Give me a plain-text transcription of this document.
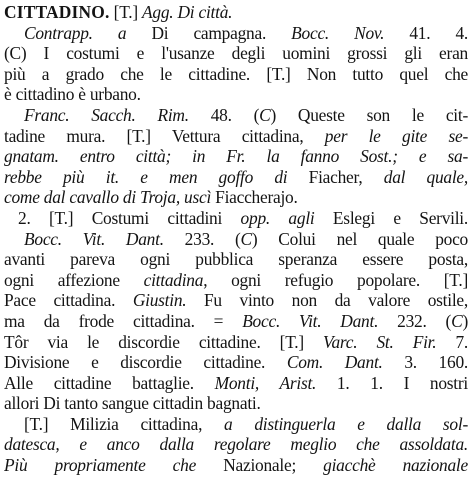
CITTADINO. [T.] Agg. Di città.
Contrapp. a Di campagna. Bocc. Nov. 41. 4.
(C) I costumi e l'usanze degli uomini grossi gli eran
più a grado che le cittadine. [T.] Non tutto quel che
è cittadino è urbano.
Franc. Sacch. Rim. 48. (C) Queste son le cit-
tadine mura. [T.] Vettura cittadina, per le gite se-
gnatam. entro città; in Fr. la fanno Sost.; e sa-
rebbe più it. e men goffo di Fiacher, dal quale,
come dal cavallo di Troja, uscì Fiaccherajo.
2. [T.] Costumi cittadini opp. agli Eslegi e Servili.
Bocc. Vit. Dant. 233. (C) Colui nel quale poco
avanti pareva ogni pubblica speranza essere posta,
ogni affezione cittadina, ogni refugio popolare. [T.]
Pace cittadina. Giustin. Fu vinto non da valore ostile,
ma da frode cittadina. = Bocc. Vit. Dant. 232. (C)
Tôr via le discordie cittadine. [T.] Varc. St. Fir. 7.
Divisione e discordie cittadine. Com. Dant. 3. 160.
Alle cittadine battaglie. Monti, Arist. 1. 1. I nostri
allori Di tanto sangue cittadin bagnati.
[T.] Milizia cittadina, a distinguerla e dalla sol-
datesca, e anco dalla regolare meglio che assoldata.
Più propriamente che Nazionale; giacchè nazionale
